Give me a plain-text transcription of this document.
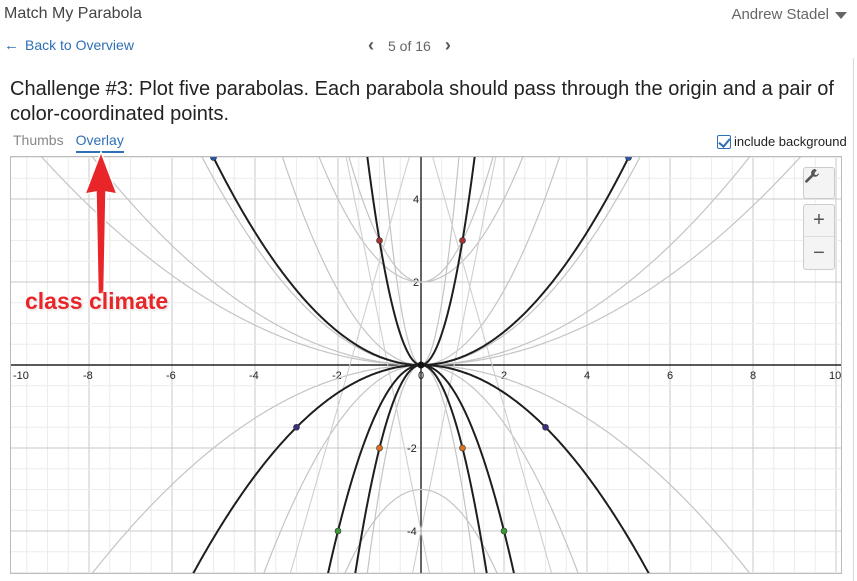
Match My Parabola	Andrew Stadel
← Back to Overview	‹ 5 of 16 ›
Challenge #3: Plot five parabolas. Each parabola should pass through the origin and a pair of color-coordinated points.
Thumbs Overlay	include background
-10	-8	-6	-4	-2	0	2	4	6	8	10
4
2
-2
-4
+
−
class climate
